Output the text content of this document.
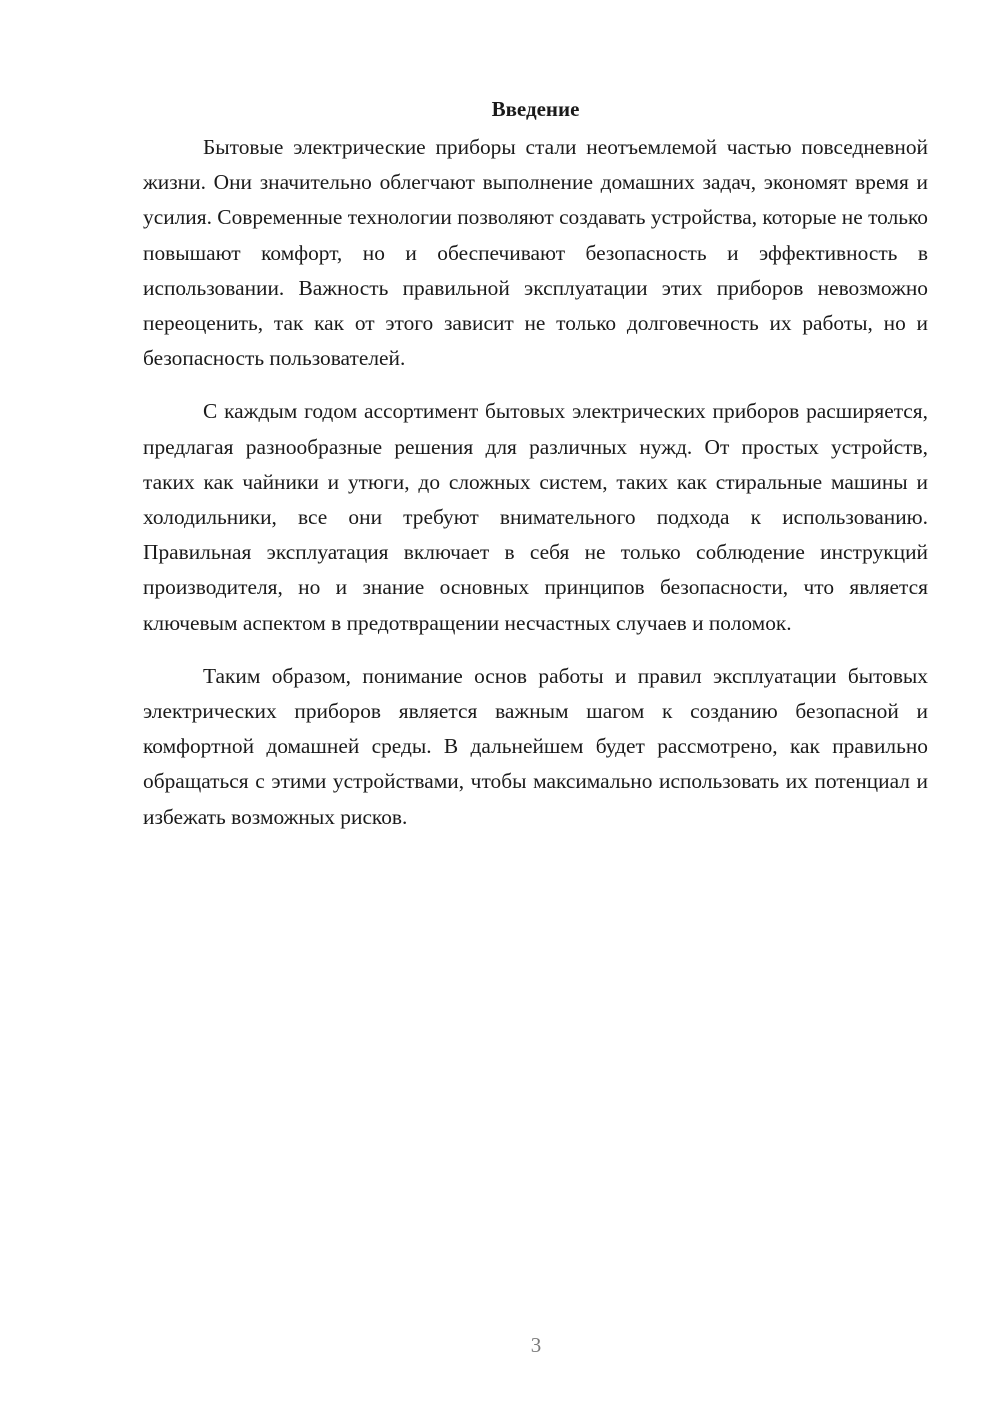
Введение

Бытовые электрические приборы стали неотъемлемой частью повседневной жизни. Они значительно облегчают выполнение домашних задач, экономят время и усилия. Современные технологии позволяют создавать устройства, которые не только повышают комфорт, но и обеспечивают безопасность и эффективность в использовании. Важность правильной эксплуатации этих приборов невозможно переоценить, так как от этого зависит не только долговечность их работы, но и безопасность пользователей.

С каждым годом ассортимент бытовых электрических приборов расширяется, предлагая разнообразные решения для различных нужд. От простых устройств, таких как чайники и утюги, до сложных систем, таких как стиральные машины и холодильники, все они требуют внимательного подхода к использованию. Правильная эксплуатация включает в себя не только соблюдение инструкций производителя, но и знание основных принципов безопасности, что является ключевым аспектом в предотвращении несчастных случаев и поломок.

Таким образом, понимание основ работы и правил эксплуатации бытовых электрических приборов является важным шагом к созданию безопасной и комфортной домашней среды. В дальнейшем будет рассмотрено, как правильно обращаться с этими устройствами, чтобы максимально использовать их потенциал и избежать возможных рисков.

3
